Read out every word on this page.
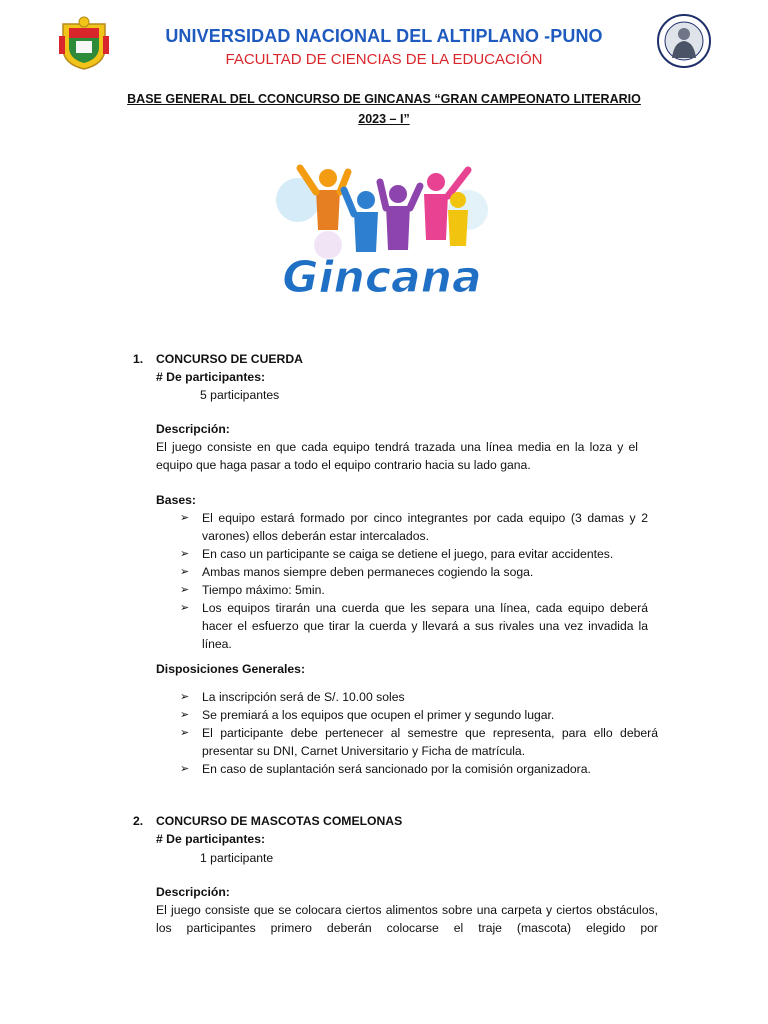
UNIVERSIDAD NACIONAL DEL ALTIPLANO -PUNO
FACULTAD DE CIENCIAS DE LA EDUCACIÓN
BASE GENERAL DEL CCONCURSO DE GINCANAS “GRAN CAMPEONATO LITERARIO
2023 – I”
Gincana
1. CONCURSO DE CUERDA
# De participantes:
5 participantes
Descripción:
El juego consiste en que cada equipo tendrá trazada una línea media en la loza y el equipo que haga pasar a todo el equipo contrario hacia su lado gana.
Bases:
➢ El equipo estará formado por cinco integrantes por cada equipo (3 damas y 2 varones) ellos deberán estar intercalados.
➢ En caso un participante se caiga se detiene el juego, para evitar accidentes.
➢ Ambas manos siempre deben permaneces cogiendo la soga.
➢ Tiempo máximo: 5min.
➢ Los equipos tirarán una cuerda que les separa una línea, cada equipo deberá hacer el esfuerzo que tirar la cuerda y llevará a sus rivales una vez invadida la línea.
Disposiciones Generales:
➢ La inscripción será de S/. 10.00 soles
➢ Se premiará a los equipos que ocupen el primer y segundo lugar.
➢ El participante debe pertenecer al semestre que representa, para ello deberá presentar su DNI, Carnet Universitario y Ficha de matrícula.
➢ En caso de suplantación será sancionado por la comisión organizadora.
2. CONCURSO DE MASCOTAS COMELONAS
# De participantes:
1 participante
Descripción:
El juego consiste que se colocara ciertos alimentos sobre una carpeta y ciertos obstáculos, los participantes primero deberán colocarse el traje (mascota) elegido por
